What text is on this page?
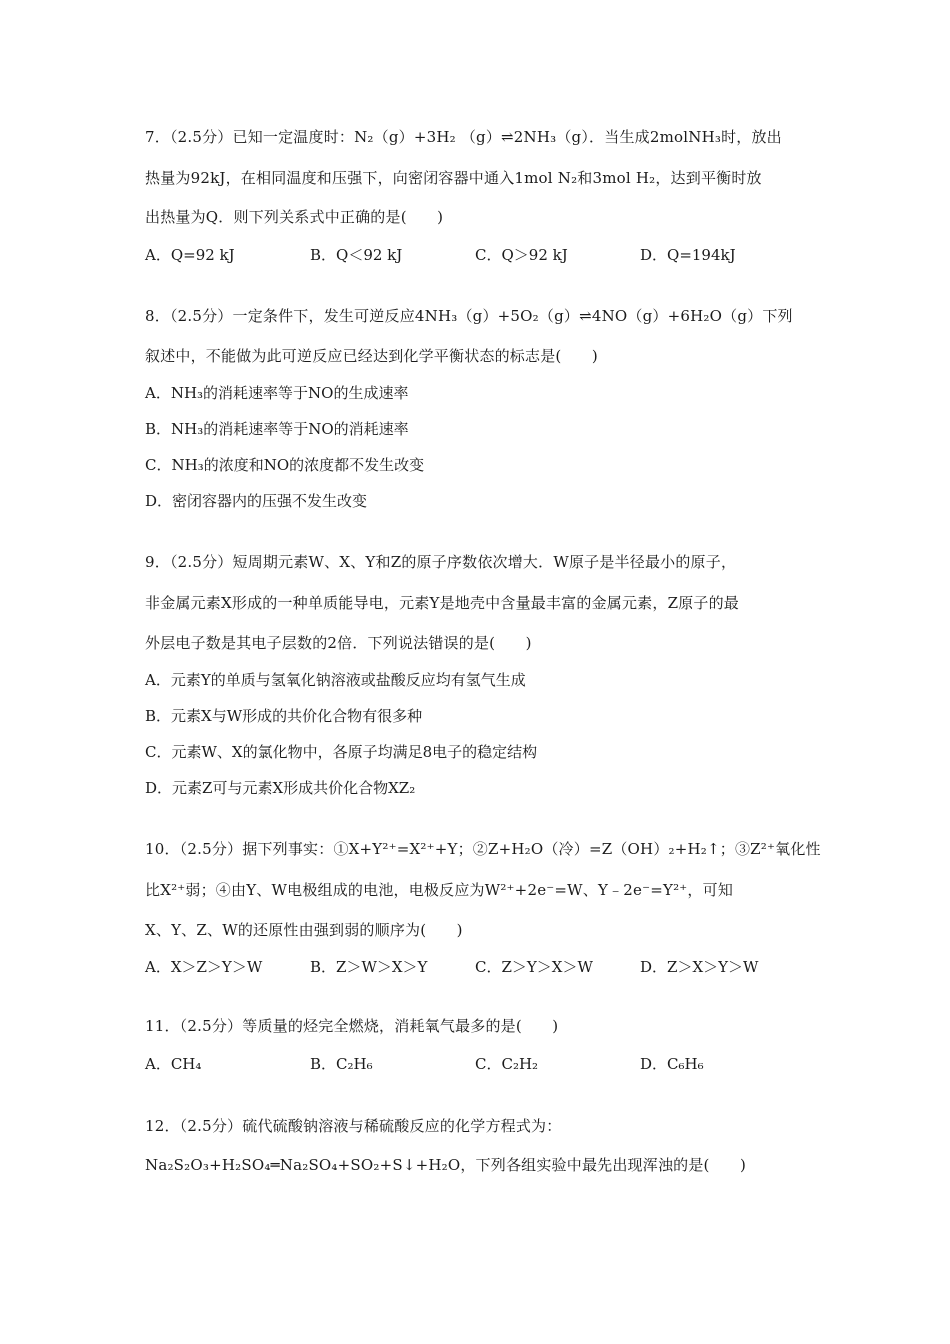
7．（2.5分）已知一定温度时：N₂（g）+3H₂ （g）⇌2NH₃（g）．当生成2molNH₃时，放出
热量为92kJ，在相同温度和压强下，向密闭容器中通入1mol N₂和3mol H₂，达到平衡时放
出热量为Q．则下列关系式中正确的是(　　)
A．Q=92 kJ	B．Q＜92 kJ	C．Q＞92 kJ	D．Q=194kJ
8．（2.5分）一定条件下，发生可逆反应4NH₃（g）+5O₂（g）⇌4NO（g）+6H₂O（g）下列
叙述中，不能做为此可逆反应已经达到化学平衡状态的标志是(　　)
A．NH₃的消耗速率等于NO的生成速率
B．NH₃的消耗速率等于NO的消耗速率
C．NH₃的浓度和NO的浓度都不发生改变
D．密闭容器内的压强不发生改变
9．（2.5分）短周期元素W、X、Y和Z的原子序数依次增大．W原子是半径最小的原子，
非金属元素X形成的一种单质能导电，元素Y是地壳中含量最丰富的金属元素，Z原子的最
外层电子数是其电子层数的2倍．下列说法错误的是(　　)
A．元素Y的单质与氢氧化钠溶液或盐酸反应均有氢气生成
B．元素X与W形成的共价化合物有很多种
C．元素W、X的氯化物中，各原子均满足8电子的稳定结构
D．元素Z可与元素X形成共价化合物XZ₂
10．（2.5分）据下列事实：①X+Y²⁺=X²⁺+Y；②Z+H₂O（冷）=Z（OH）₂+H₂↑；③Z²⁺氧化性
比X²⁺弱；④由Y、W电极组成的电池，电极反应为W²⁺+2e⁻=W、Y﹣2e⁻=Y²⁺，可知
X、Y、Z、W的还原性由强到弱的顺序为(　　)
A．X＞Z＞Y＞W	B．Z＞W＞X＞Y	C．Z＞Y＞X＞W	D．Z＞X＞Y＞W
11．（2.5分）等质量的烃完全燃烧，消耗氧气最多的是(　　)
A．CH₄	B．C₂H₆	C．C₂H₂	D．C₆H₆
12．（2.5分）硫代硫酸钠溶液与稀硫酸反应的化学方程式为：
Na₂S₂O₃+H₂SO₄═Na₂SO₄+SO₂+S↓+H₂O，下列各组实验中最先出现浑浊的是(　　)
